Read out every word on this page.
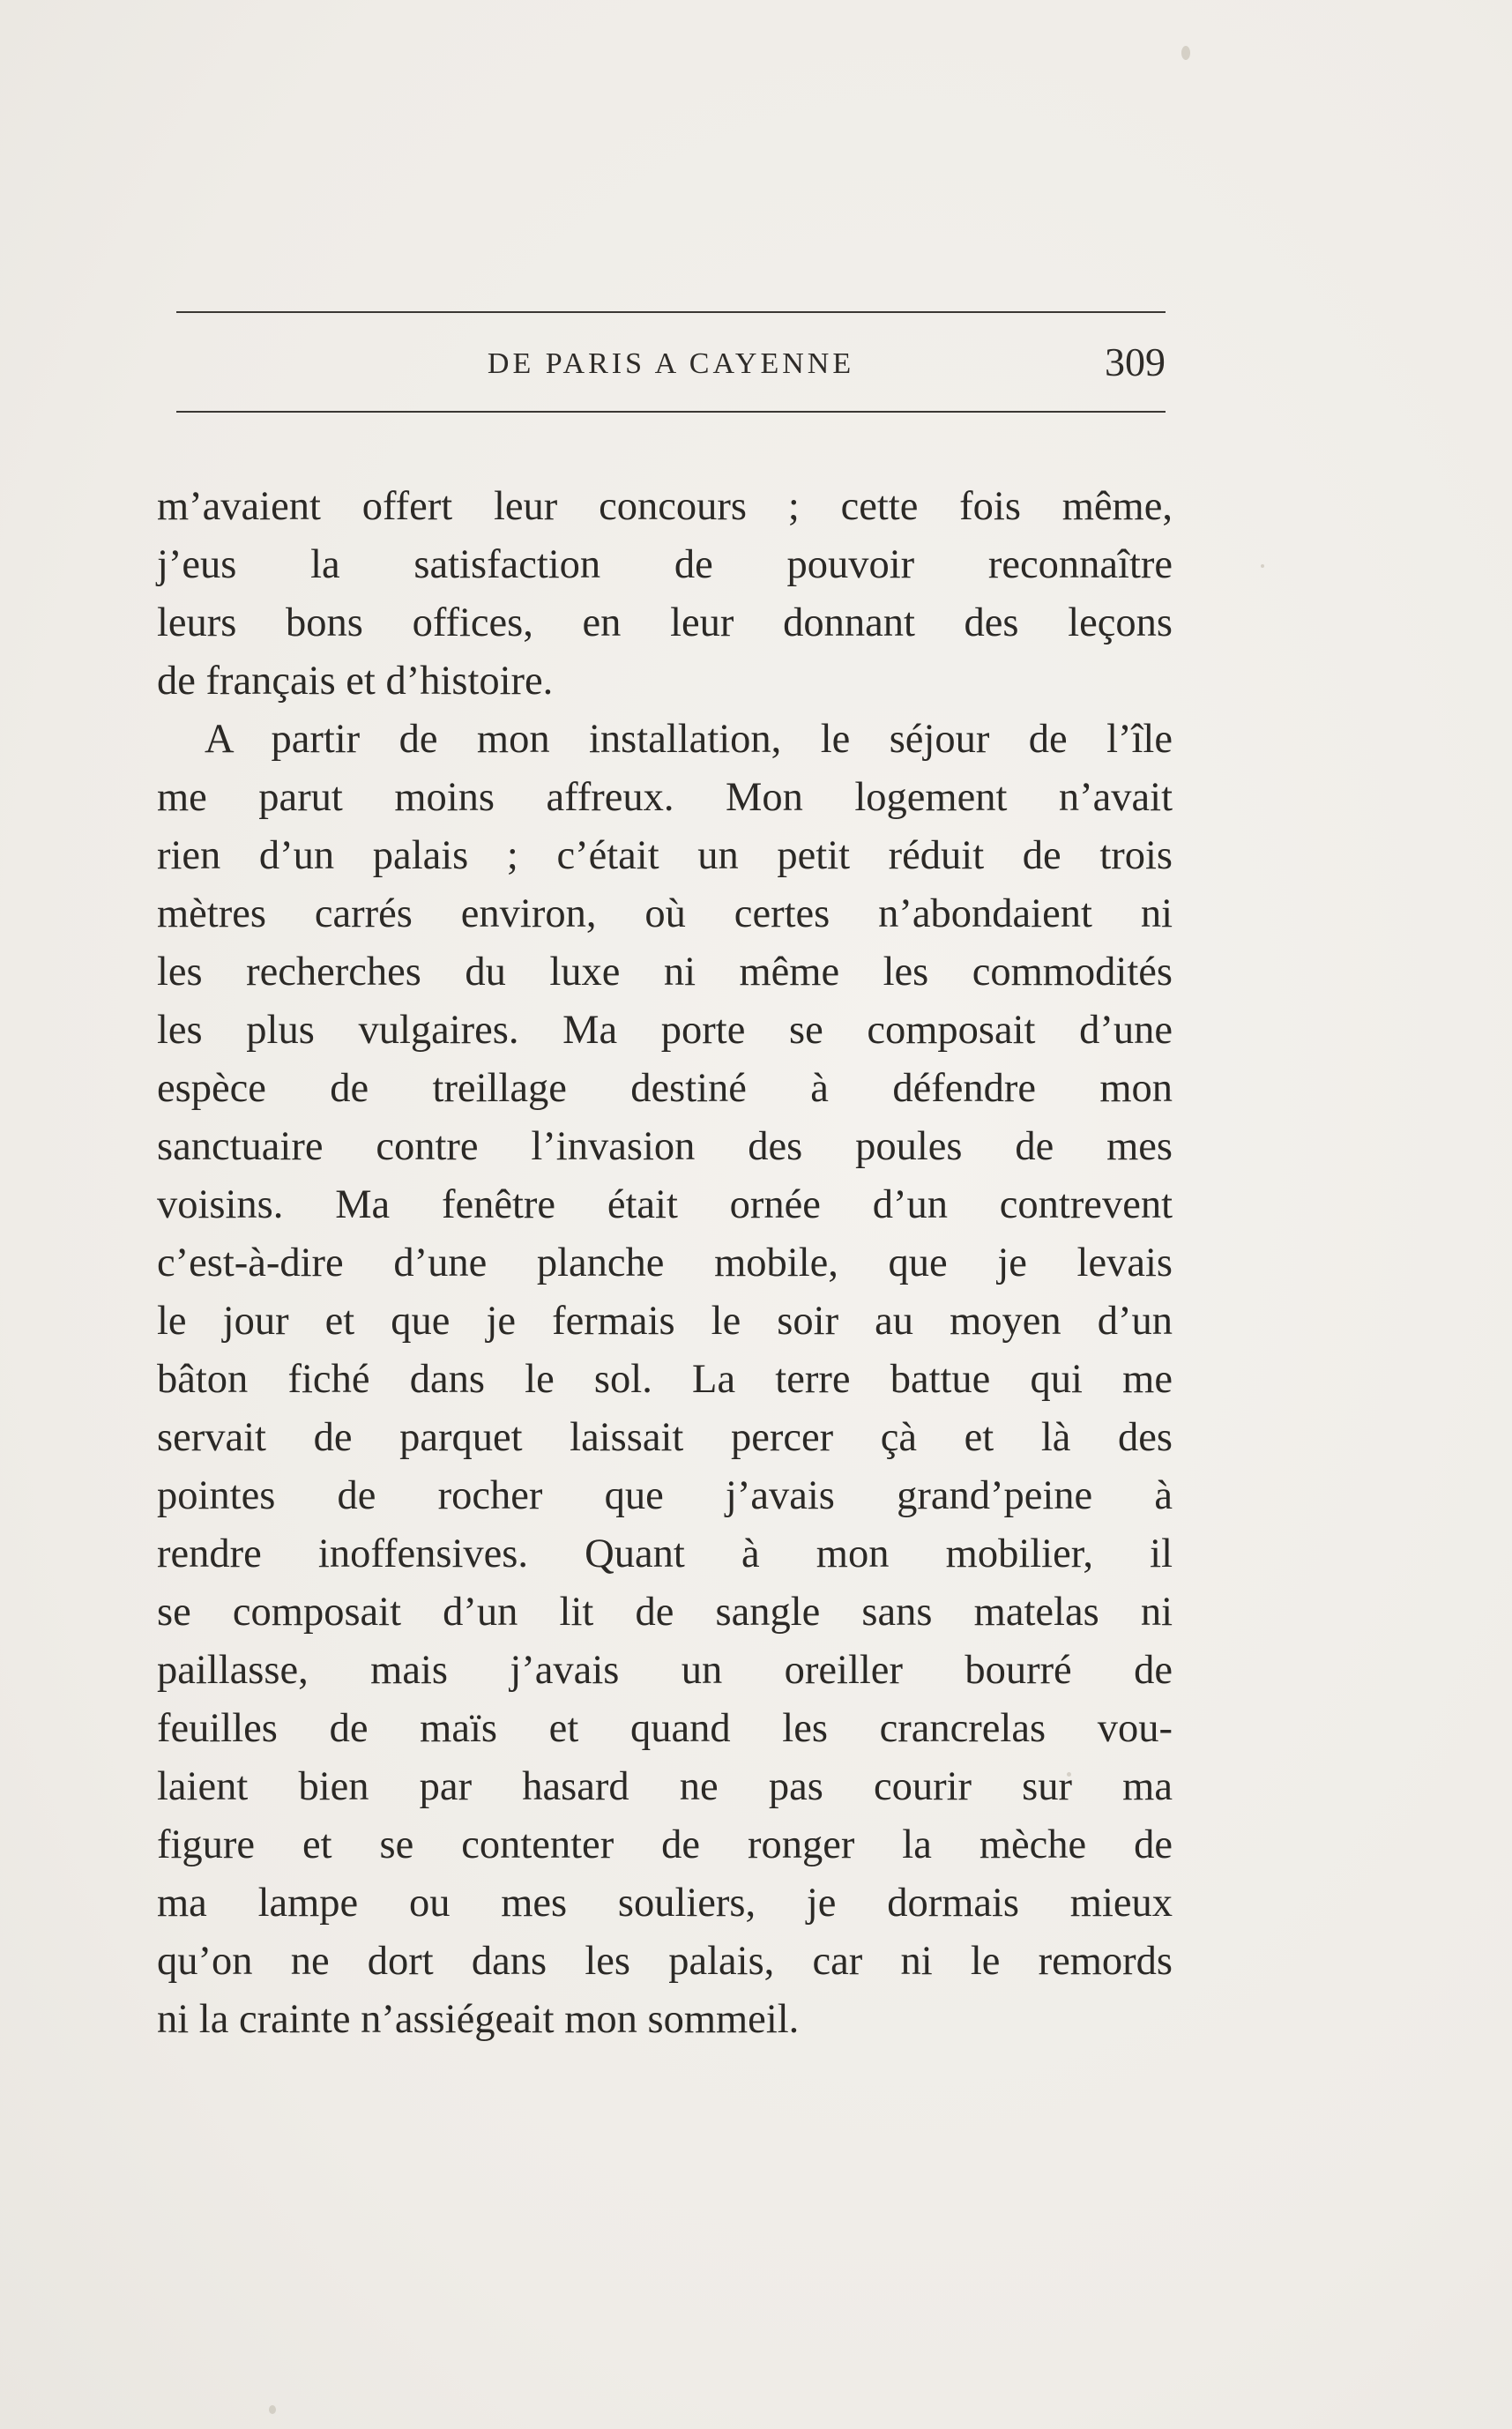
DE PARIS A CAYENNE	309
m’avaient offert leur concours ; cette fois même,
j’eus la satisfaction de pouvoir reconnaître
leurs bons offices, en leur donnant des leçons
de français et d’histoire.
A partir de mon installation, le séjour de l’île
me parut moins affreux. Mon logement n’avait
rien d’un palais ; c’était un petit réduit de trois
mètres carrés environ, où certes n’abondaient ni
les recherches du luxe ni même les commodités
les plus vulgaires. Ma porte se composait d’une
espèce de treillage destiné à défendre mon
sanctuaire contre l’invasion des poules de mes
voisins. Ma fenêtre était ornée d’un contrevent
c’est-à-dire d’une planche mobile, que je levais
le jour et que je fermais le soir au moyen d’un
bâton fiché dans le sol. La terre battue qui me
servait de parquet laissait percer çà et là des
pointes de rocher que j’avais grand’peine à
rendre inoffensives. Quant à mon mobilier, il
se composait d’un lit de sangle sans matelas ni
paillasse, mais j’avais un oreiller bourré de
feuilles de maïs et quand les crancrelas vou-
laient bien par hasard ne pas courir sur ma
figure et se contenter de ronger la mèche de
ma lampe ou mes souliers, je dormais mieux
qu’on ne dort dans les palais, car ni le remords
ni la crainte n’assiégeait mon sommeil.
